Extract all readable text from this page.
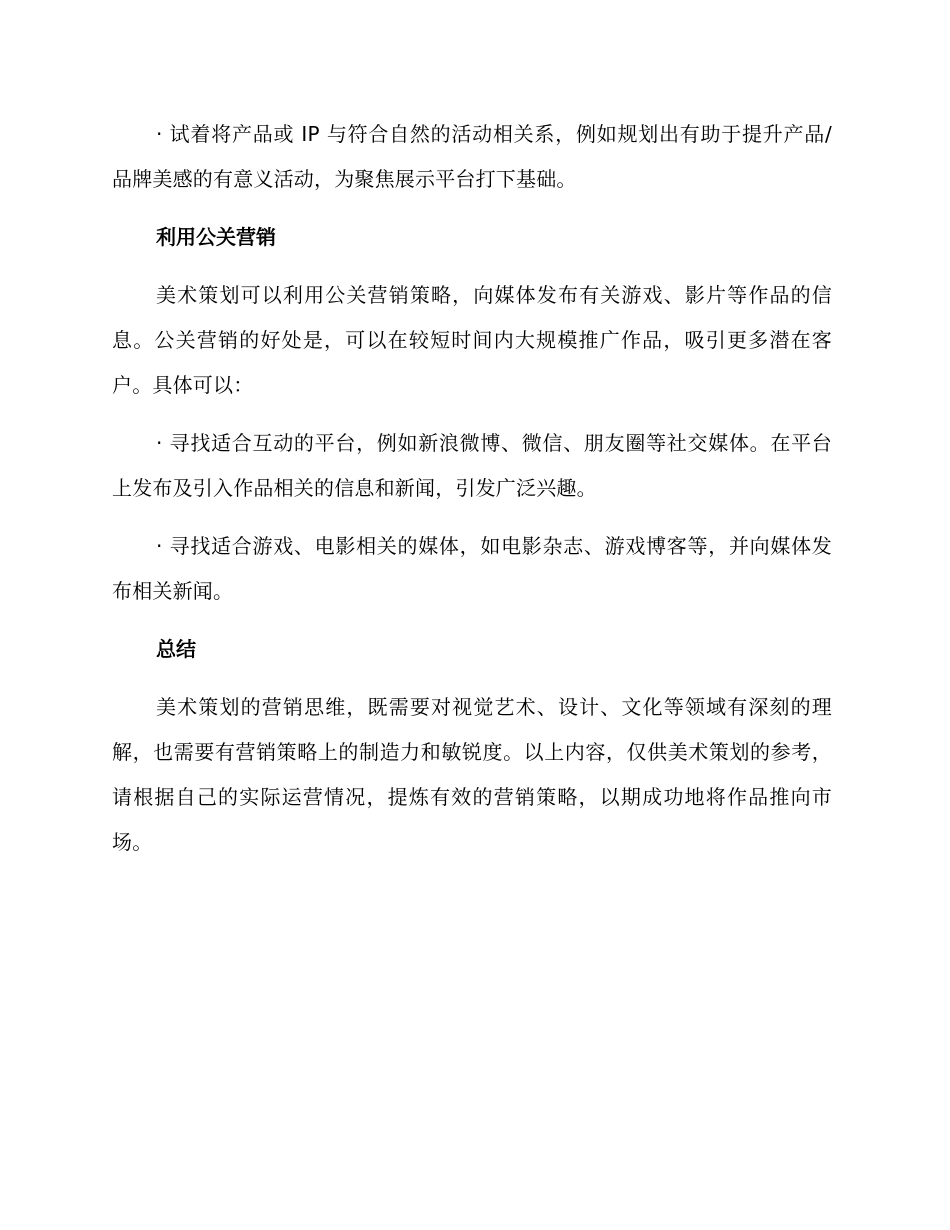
· 试着将产品或 IP 与符合自然的活动相关系，例如规划出有助于提升产品/品牌美感的有意义活动，为聚焦展示平台打下基础。

利用公关营销

美术策划可以利用公关营销策略，向媒体发布有关游戏、影片等作品的信息。公关营销的好处是，可以在较短时间内大规模推广作品，吸引更多潜在客户。具体可以：

· 寻找适合互动的平台，例如新浪微博、微信、朋友圈等社交媒体。在平台上发布及引入作品相关的信息和新闻，引发广泛兴趣。

· 寻找适合游戏、电影相关的媒体，如电影杂志、游戏博客等，并向媒体发布相关新闻。

总结

美术策划的营销思维，既需要对视觉艺术、设计、文化等领域有深刻的理解，也需要有营销策略上的制造力和敏锐度。以上内容，仅供美术策划的参考，请根据自己的实际运营情况，提炼有效的营销策略，以期成功地将作品推向市场。
